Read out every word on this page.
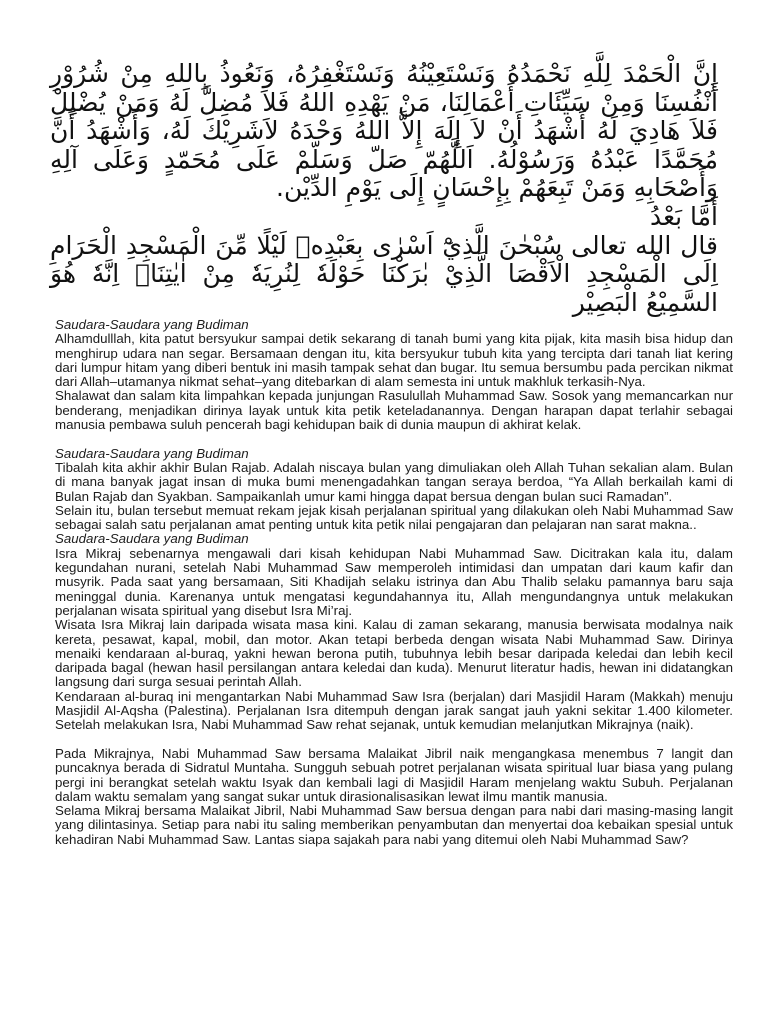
إِنَّ الْحَمْدَ لِلَّهِ نَحْمَدُهُ وَنَسْتَعِيْنُهُ وَنَسْتَغْفِرُهُ، وَنَعُوذُ بِاللهِ مِنْ شُرُوْرِ أَنْفُسِنَا وَمِنْ سَيِّئَاتِ أَعْمَالِنَا، مَنْ يَهْدِهِ اللهُ فَلاَ مُضِلَّ لَهُ وَمَنْ يُضْلِلْ فَلاَ هَادِيَ لَهُ أَشْهَدُ أَنْ لاَ إِلَهَ إِلاَّ اللهُ وَحْدَهُ لاَشَرِيْكَ لَهُ، وَأَشْهَدُ أَنَّ مُحَمَّدًا عَبْدُهُ وَرَسُوْلُهُ. اَللَّهُمّ صَلّ وَسَلّمْ عَلَى مُحَمّدٍ وَعَلَى آلِهِ وَأَصْحَابِهِ وَمَنْ تَبِعَهُمْ بِإِحْسَانٍ إِلَى يَوْمِ الدِّيْن.

أَمَّا بَعْدُ

قال الله تعالى سُبْحٰنَ الَّذِيْٓ اَسْرٰى بِعَبْدِهٖ لَيْلًا مِّنَ الْمَسْجِدِ الْحَرَامِ اِلَى الْمَسْجِدِ الْاَقْصَا الَّذِيْ بٰرَكْنَا حَوْلَهٗ لِنُرِيَهٗ مِنْ اٰيٰتِنَاۗ اِنَّهٗ هُوَ السَّمِيْعُ الْبَصِيْر

Saudara-Saudara yang Budiman

Alhamdulllah, kita patut bersyukur sampai detik sekarang di tanah bumi yang kita pijak, kita masih bisa hidup dan menghirup udara nan segar. Bersamaan dengan itu, kita bersyukur tubuh kita yang tercipta dari tanah liat kering dari lumpur hitam yang diberi bentuk ini masih tampak sehat dan bugar. Itu semua bersumbu pada percikan nikmat dari Allah–utamanya nikmat sehat–yang ditebarkan di alam semesta ini untuk makhluk terkasih-Nya.

Shalawat dan salam kita limpahkan kepada junjungan Rasulullah Muhammad Saw. Sosok yang memancarkan nur benderang, menjadikan dirinya layak untuk kita petik keteladanannya. Dengan harapan dapat terlahir sebagai manusia pembawa suluh pencerah bagi kehidupan baik di dunia maupun di akhirat kelak.

Saudara-Saudara yang Budiman

Tibalah kita akhir akhir Bulan Rajab. Adalah niscaya bulan yang dimuliakan oleh Allah Tuhan sekalian alam. Bulan di mana banyak jagat insan di muka bumi menengadahkan tangan seraya berdoa, “Ya Allah berkailah kami di Bulan Rajab dan Syakban. Sampaikanlah umur kami hingga dapat bersua dengan bulan suci Ramadan”.

Selain itu, bulan tersebut memuat rekam jejak kisah perjalanan spiritual yang dilakukan oleh Nabi Muhammad Saw sebagai salah satu perjalanan amat penting untuk kita petik nilai pengajaran dan pelajaran nan sarat makna..

Saudara-Saudara yang Budiman

Isra Mikraj sebenarnya mengawali dari kisah kehidupan Nabi Muhammad Saw. Dicitrakan kala itu, dalam kegundahan nurani, setelah Nabi Muhammad Saw memperoleh intimidasi dan umpatan dari kaum kafir dan musyrik. Pada saat yang bersamaan, Siti Khadijah selaku istrinya dan Abu Thalib selaku pamannya baru saja meninggal dunia. Karenanya untuk mengatasi kegundahannya itu, Allah mengundangnya untuk melakukan perjalanan wisata spiritual yang disebut Isra Mi’raj.

Wisata Isra Mikraj lain daripada wisata masa kini. Kalau di zaman sekarang, manusia berwisata modalnya naik kereta, pesawat, kapal, mobil, dan motor. Akan tetapi berbeda dengan wisata Nabi Muhammad Saw. Dirinya menaiki kendaraan al-buraq, yakni hewan berona putih, tubuhnya lebih besar daripada keledai dan lebih kecil daripada bagal (hewan hasil persilangan antara keledai dan kuda). Menurut literatur hadis, hewan ini didatangkan langsung dari surga sesuai perintah Allah.

Kendaraan al-buraq ini mengantarkan Nabi Muhammad Saw Isra (berjalan) dari Masjidil Haram (Makkah) menuju Masjidil Al-Aqsha (Palestina). Perjalanan Isra ditempuh dengan jarak sangat jauh yakni sekitar 1.400 kilometer. Setelah melakukan Isra, Nabi Muhammad Saw rehat sejanak, untuk kemudian melanjutkan Mikrajnya (naik).

Pada Mikrajnya, Nabi Muhammad Saw bersama Malaikat Jibril naik mengangkasa menembus 7 langit dan puncaknya berada di Sidratul Muntaha. Sungguh sebuah potret perjalanan wisata spiritual luar biasa yang pulang pergi ini berangkat setelah waktu Isyak dan kembali lagi di Masjidil Haram menjelang waktu Subuh. Perjalanan dalam waktu semalam yang sangat sukar untuk dirasionalisasikan lewat ilmu mantik manusia.

Selama Mikraj bersama Malaikat Jibril, Nabi Muhammad Saw bersua dengan para nabi dari masing-masing langit yang dilintasinya. Setiap para nabi itu saling memberikan penyambutan dan menyertai doa kebaikan spesial untuk kehadiran Nabi Muhammad Saw. Lantas siapa sajakah para nabi yang ditemui oleh Nabi Muhammad Saw?
